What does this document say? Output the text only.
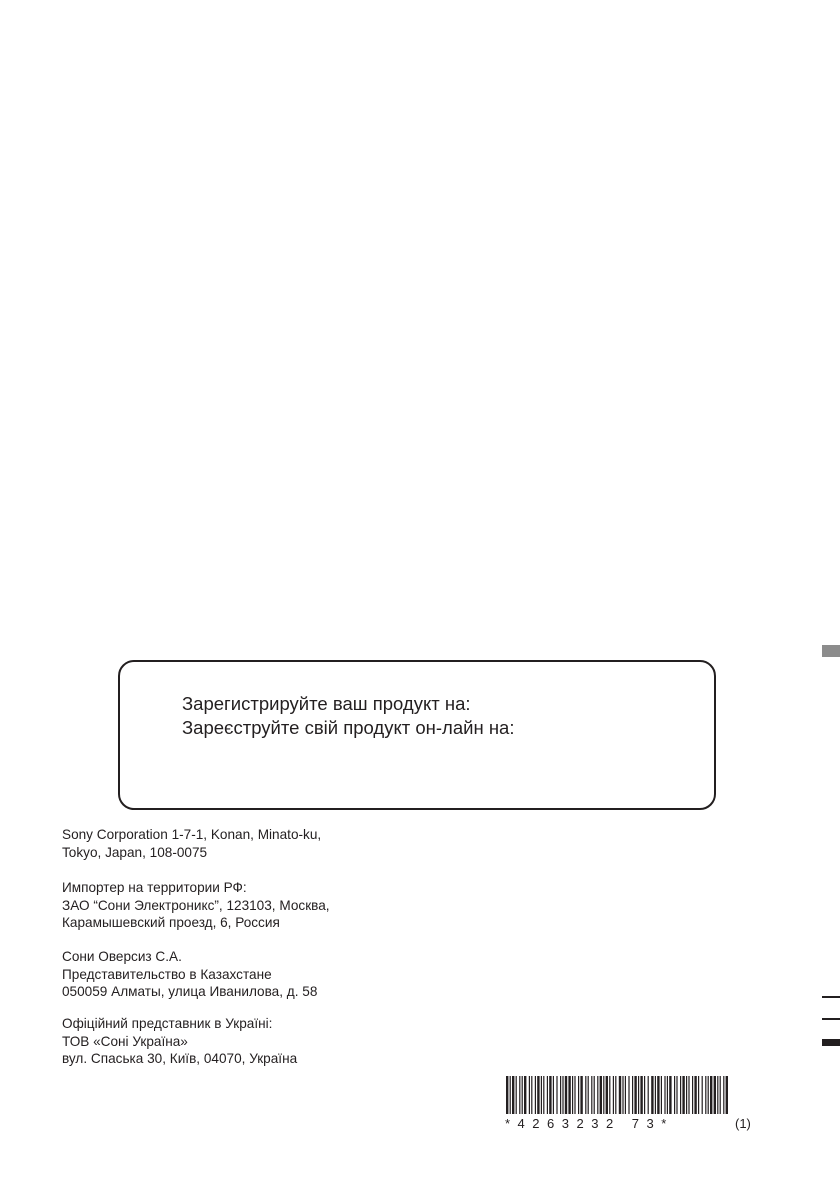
Зарегистрируйте ваш продукт на:
Зареєструйте свій продукт он-лайн на:
Sony Corporation 1-7-1, Konan, Minato-ku,
Tokyo, Japan, 108-0075
Импортер на территории РФ:
ЗАО “Сони Электроникс”, 123103, Москва,
Карамышевский проезд, 6, Россия
Сони Оверсиз С.А.
Представительство в Казахстане
050059 Алматы, улица Иванилова, д. 58
Офіційний представник в Україні:
ТОВ «Соні Україна»
вул. Спаська 30, Київ, 04070, Україна
*4263232 73*	(1)
